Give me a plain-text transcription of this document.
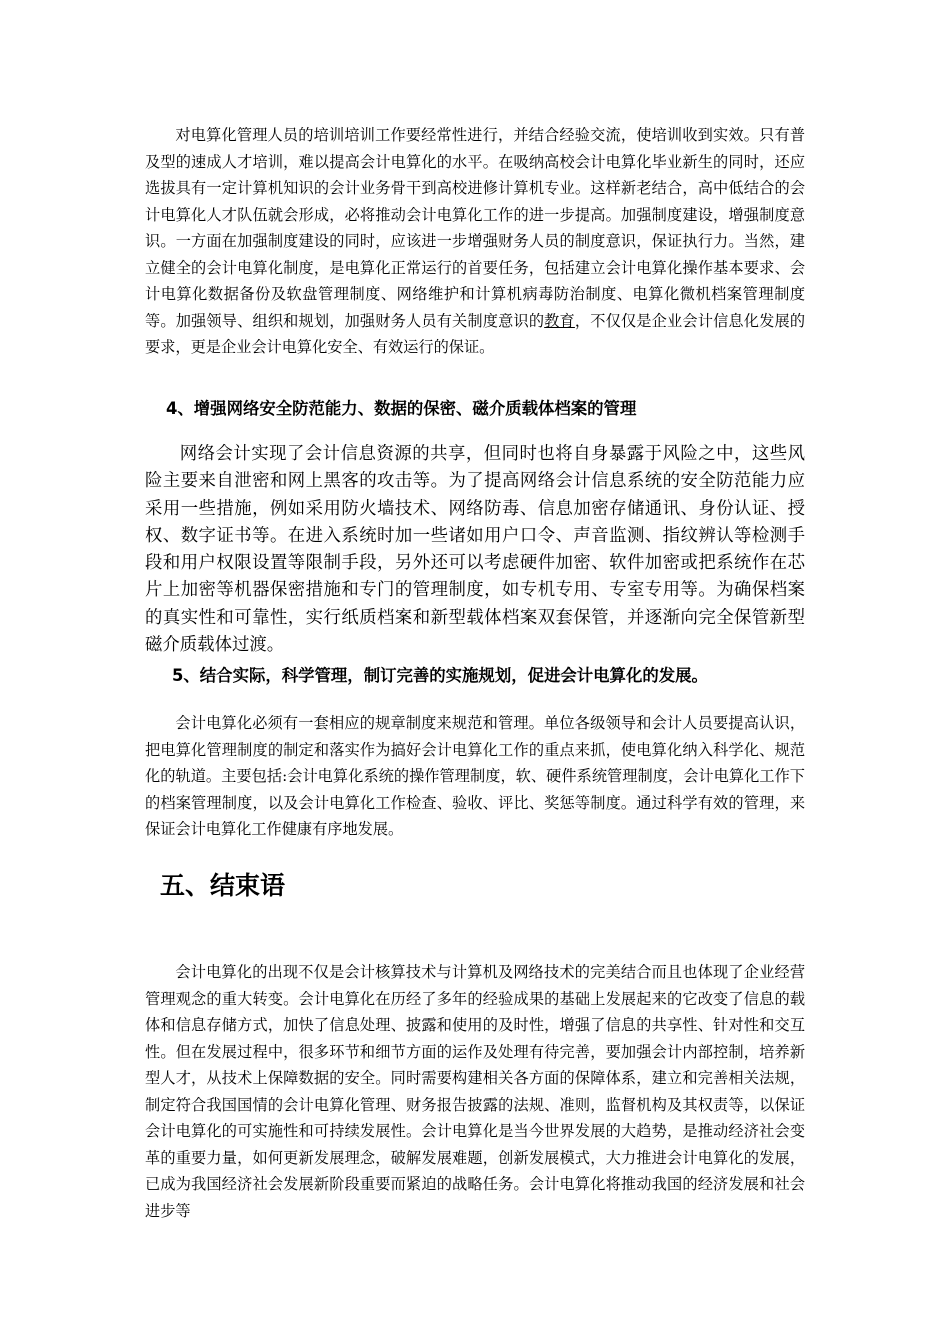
对电算化管理人员的培训培训工作要经常性进行，并结合经验交流，使培训收到实效。只有普及型的速成人才培训，难以提高会计电算化的水平。在吸纳高校会计电算化毕业新生的同时，还应选拔具有一定计算机知识的会计业务骨干到高校进修计算机专业。这样新老结合，高中低结合的会计电算化人才队伍就会形成，必将推动会计电算化工作的进一步提高。加强制度建设，增强制度意识。一方面在加强制度建设的同时，应该进一步增强财务人员的制度意识，保证执行力。当然，建立健全的会计电算化制度，是电算化正常运行的首要任务，包括建立会计电算化操作基本要求、会计电算化数据备份及软盘管理制度、网络维护和计算机病毒防治制度、电算化微机档案管理制度等。加强领导、组织和规划，加强财务人员有关制度意识的教育，不仅仅是企业会计信息化发展的要求，更是企业会计电算化安全、有效运行的保证。

4、增强网络安全防范能力、数据的保密、磁介质载体档案的管理

网络会计实现了会计信息资源的共享，但同时也将自身暴露于风险之中，这些风险主要来自泄密和网上黑客的攻击等。为了提高网络会计信息系统的安全防范能力应采用一些措施，例如采用防火墙技术、网络防毒、信息加密存储通讯、身份认证、授权、数字证书等。在进入系统时加一些诸如用户口令、声音监测、指纹辨认等检测手段和用户权限设置等限制手段，另外还可以考虑硬件加密、软件加密或把系统作在芯片上加密等机器保密措施和专门的管理制度，如专机专用、专室专用等。为确保档案的真实性和可靠性，实行纸质档案和新型载体档案双套保管，并逐渐向完全保管新型磁介质载体过渡。

5、结合实际，科学管理，制订完善的实施规划，促进会计电算化的发展。

会计电算化必须有一套相应的规章制度来规范和管理。单位各级领导和会计人员要提高认识，把电算化管理制度的制定和落实作为搞好会计电算化工作的重点来抓，使电算化纳入科学化、规范化的轨道。主要包括:会计电算化系统的操作管理制度，软、硬件系统管理制度，会计电算化工作下的档案管理制度，以及会计电算化工作检查、验收、评比、奖惩等制度。通过科学有效的管理，来保证会计电算化工作健康有序地发展。

五、结束语

会计电算化的出现不仅是会计核算技术与计算机及网络技术的完美结合而且也体现了企业经营管理观念的重大转变。会计电算化在历经了多年的经验成果的基础上发展起来的它改变了信息的载体和信息存储方式，加快了信息处理、披露和使用的及时性，增强了信息的共享性、针对性和交互性。但在发展过程中，很多环节和细节方面的运作及处理有待完善，要加强会计内部控制，培养新型人才，从技术上保障数据的安全。同时需要构建相关各方面的保障体系，建立和完善相关法规，制定符合我国国情的会计电算化管理、财务报告披露的法规、准则，监督机构及其权责等，以保证会计电算化的可实施性和可持续发展性。会计电算化是当今世界发展的大趋势，是推动经济社会变革的重要力量，如何更新发展理念，破解发展难题，创新发展模式，大力推进会计电算化的发展，已成为我国经济社会发展新阶段重要而紧迫的战略任务。会计电算化将推动我国的经济发展和社会进步等
